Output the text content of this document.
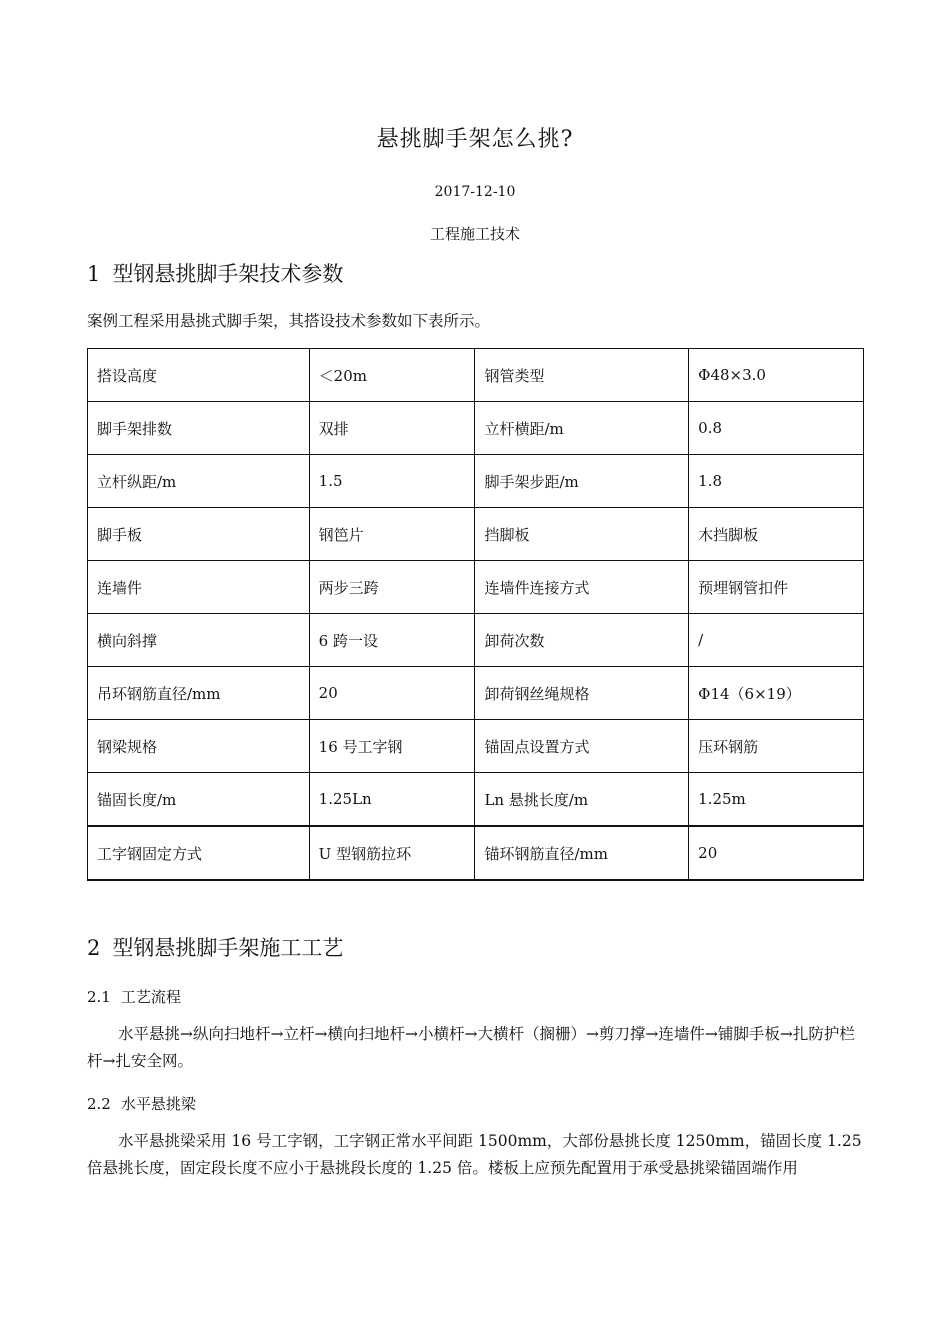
悬挑脚手架怎么挑?
2017-12-10
工程施工技术
1 型钢悬挑脚手架技术参数
案例工程采用悬挑式脚手架，其搭设技术参数如下表所示。
搭设高度	＜20m	钢管类型	Φ48×3.0
脚手架排数	双排	立杆横距/m	0.8
立杆纵距/m	1.5	脚手架步距/m	1.8
脚手板	钢笆片	挡脚板	木挡脚板
连墙件	两步三跨	连墙件连接方式	预埋钢管扣件
横向斜撑	6 跨一设	卸荷次数	/
吊环钢筋直径/mm	20	卸荷钢丝绳规格	Φ14（6×19）
钢梁规格	16 号工字钢	锚固点设置方式	压环钢筋
锚固长度/m	1.25Ln	Ln 悬挑长度/m	1.25m
工字钢固定方式	U 型钢筋拉环	锚环钢筋直径/mm	20
2 型钢悬挑脚手架施工工艺
2.1 工艺流程
水平悬挑→纵向扫地杆→立杆→横向扫地杆→小横杆→大横杆（搁栅）→剪刀撑→连墙件→铺脚手板→扎防护栏杆→扎安全网。
2.2 水平悬挑梁
水平悬挑梁采用 16 号工字钢，工字钢正常水平间距 1500mm，大部份悬挑长度 1250mm，锚固长度 1.25 倍悬挑长度，固定段长度不应小于悬挑段长度的 1.25 倍。楼板上应预先配置用于承受悬挑梁锚固端作用
